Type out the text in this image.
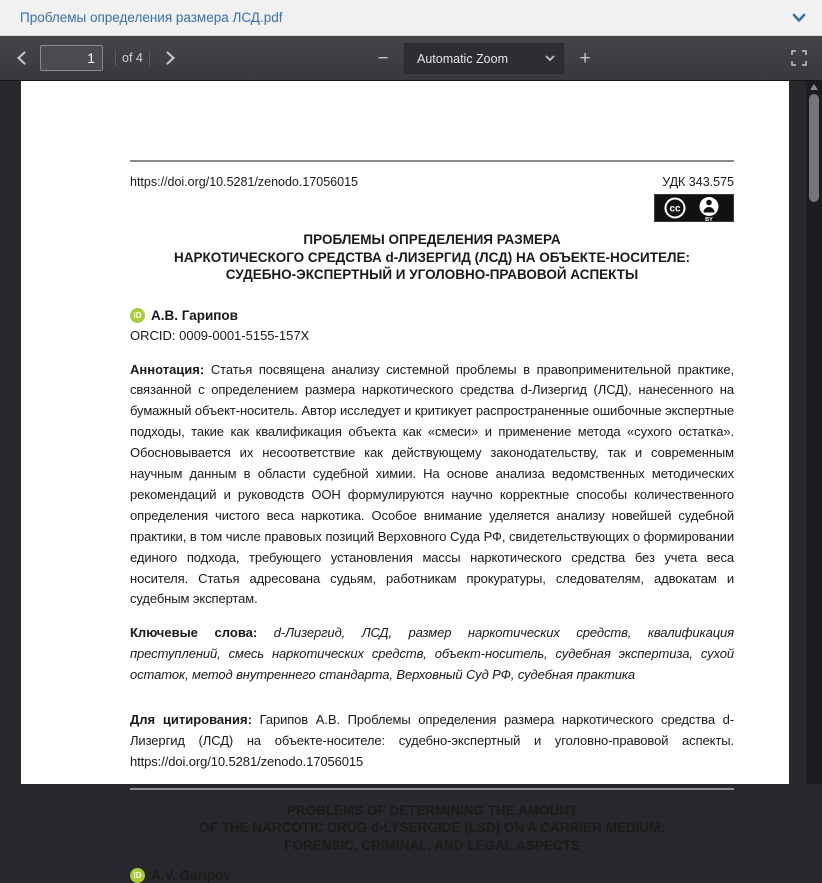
Проблемы определения размера ЛСД.pdf
1
of 4	− Automatic Zoom	+
https://doi.org/10.5281/zenodo.17056015	УДК 343.575
cc
BY
ПРОБЛЕМЫ ОПРЕДЕЛЕНИЯ РАЗМЕРА
НАРКОТИЧЕСКОГО СРЕДСТВА d-ЛИЗЕРГИД (ЛСД) НА ОБЪЕКТЕ-НОСИТЕЛЕ:
СУДЕБНО-ЭКСПЕРТНЫЙ И УГОЛОВНО-ПРАВОВОЙ АСПЕКТЫ
iD А.В. Гарипов
ORCID: 0009-0001-5155-157X
Аннотация: Статья посвящена анализу системной проблемы в правоприменительной практике, связанной с определением размера наркотического средства d-Лизергид (ЛСД), нанесенного на бумажный объект-носитель. Автор исследует и критикует распространенные ошибочные экспертные подходы, такие как квалификация объекта как «смеси» и применение метода «сухого остатка». Обосновывается их несоответствие как действующему законодательству, так и современным научным данным в области судебной химии. На основе анализа ведомственных методических рекомендаций и руководств ООН формулируются научно корректные способы количественного определения чистого веса наркотика. Особое внимание уделяется анализу новейшей судебной практики, в том числе правовых позиций Верховного Суда РФ, свидетельствующих о формировании единого подхода, требующего установления массы наркотического средства без учета веса носителя. Статья адресована судьям, работникам прокуратуры, следователям, адвокатам и судебным экспертам.
Ключевые слова: d-Лизергид, ЛСД, размер наркотических средств, квалификация преступлений, смесь наркотических средств, объект-носитель, судебная экспертиза, сухой остаток, метод внутреннего стандарта, Верховный Суд РФ, судебная практика
Для цитирования: Гарипов А.В. Проблемы определения размера наркотического средства d-Лизергид (ЛСД) на объекте-носителе: судебно-экспертный и уголовно-правовой аспекты. https://doi.org/10.5281/zenodo.17056015
PROBLEMS OF DETERMINING THE AMOUNT
OF THE NARCOTIC DRUG d-LYSERGIDE (LSD) ON A CARRIER MEDIUM:
FORENSIC, CRIMINAL, AND LEGAL ASPECTS
iD A.V. Garipov
